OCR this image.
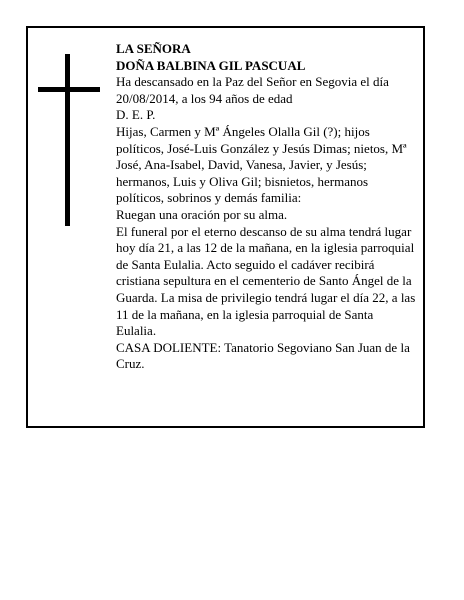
LA SEÑORA

DOÑA BALBINA GIL PASCUAL

Ha descansado en la Paz del Señor en Segovia el día 20/08/2014, a los 94 años de edad

D. E. P.

Hijas, Carmen y Mª Ángeles Olalla Gil (?); hijos políticos, José-Luis González y Jesús Dimas; nietos, Mª José, Ana-Isabel, David, Vanesa, Javier, y Jesús; hermanos, Luis y Oliva Gil; bisnietos, hermanos políticos, sobrinos y demás familia:

Ruegan una oración por su alma.

El funeral por el eterno descanso de su alma tendrá lugar hoy día 21, a las 12 de la mañana, en la iglesia parroquial de Santa Eulalia. Acto seguido el cadáver recibirá cristiana sepultura en el cementerio de Santo Ángel de la Guarda. La misa de privilegio tendrá lugar el día 22, a las 11 de la mañana, en la iglesia parroquial de Santa Eulalia.

CASA DOLIENTE: Tanatorio Segoviano San Juan de la Cruz.
